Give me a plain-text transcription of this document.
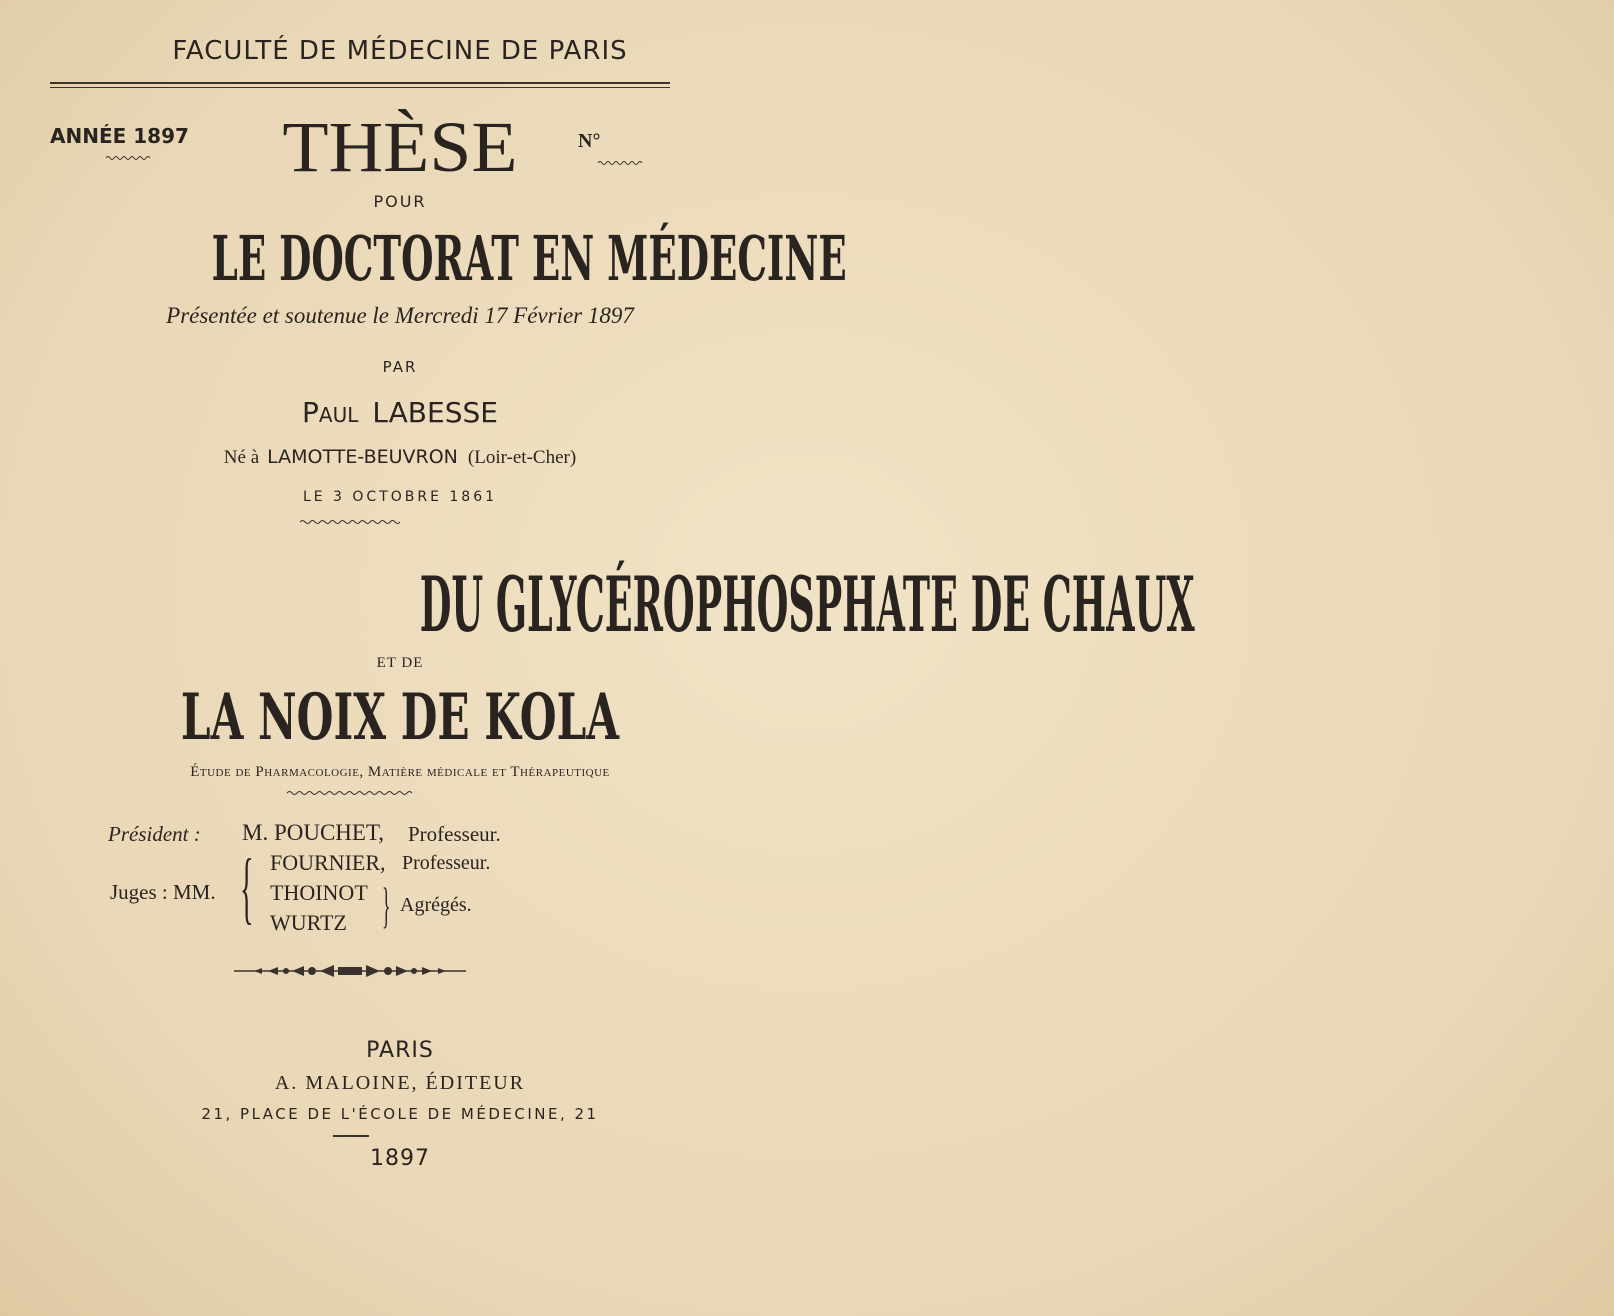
FACULTÉ DE MÉDECINE DE PARIS
ANNÉE 1897	THÈSE	N°
POUR
LE DOCTORAT EN MÉDECINE
Présentée et soutenue le Mercredi 17 Février 1897
PAR
Paul LABESSE
Né à LAMOTTE-BEUVRON (Loir-et-Cher)
LE 3 OCTOBRE 1861
DU GLYCÉROPHOSPHATE DE CHAUX
ET DE
LA NOIX DE KOLA
Étude de Pharmacologie, Matière médicale et Thérapeutique
Président : M. POUCHET, Professeur.
Juges : MM. { FOURNIER, Professeur.
THOINOT
WURTZ } Agrégés.
PARIS
A. MALOINE, ÉDITEUR
21, PLACE DE L'ÉCOLE DE MÉDECINE, 21
1897
